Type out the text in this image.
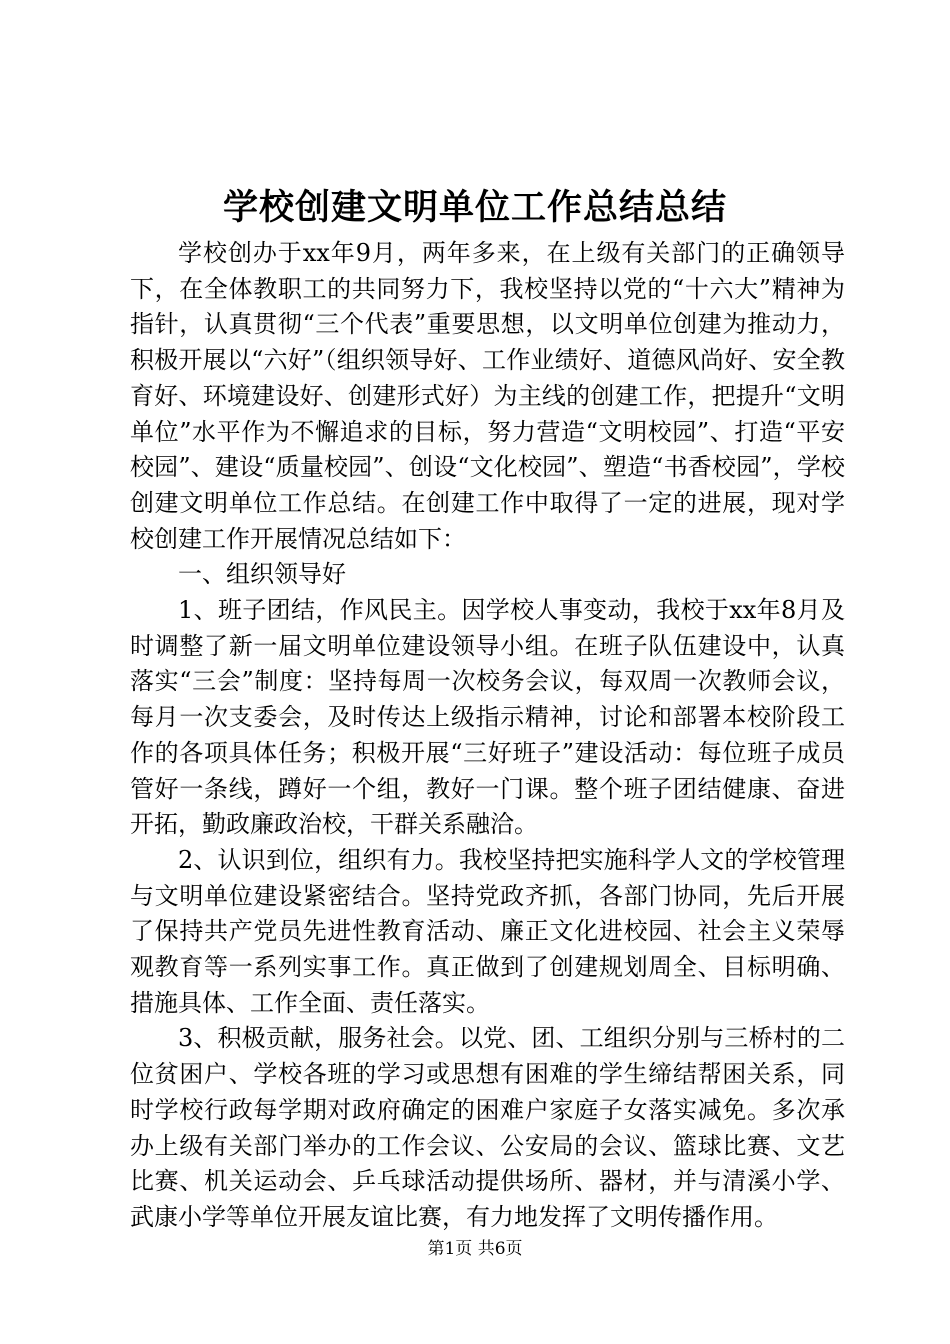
学校创建文明单位工作总结总结

学校创办于xx年9月，两年多来，在上级有关部门的正确领导下，在全体教职工的共同努力下，我校坚持以党的“十六大”精神为指针，认真贯彻“三个代表”重要思想，以文明单位创建为推动力，积极开展以“六好”（组织领导好、工作业绩好、道德风尚好、安全教育好、环境建设好、创建形式好）为主线的创建工作，把提升“文明单位”水平作为不懈追求的目标，努力营造“文明校园”、打造“平安校园”、建设“质量校园”、创设“文化校园”、塑造“书香校园”，学校创建文明单位工作总结。在创建工作中取得了一定的进展，现对学校创建工作开展情况总结如下：

一、组织领导好

1、班子团结，作风民主。因学校人事变动，我校于xx年8月及时调整了新一届文明单位建设领导小组。在班子队伍建设中，认真落实“三会”制度：坚持每周一次校务会议，每双周一次教师会议，每月一次支委会，及时传达上级指示精神，讨论和部署本校阶段工作的各项具体任务；积极开展“三好班子”建设活动：每位班子成员管好一条线，蹲好一个组，教好一门课。整个班子团结健康、奋进开拓，勤政廉政治校，干群关系融洽。

2、认识到位，组织有力。我校坚持把实施科学人文的学校管理与文明单位建设紧密结合。坚持党政齐抓，各部门协同，先后开展了保持共产党员先进性教育活动、廉正文化进校园、社会主义荣辱观教育等一系列实事工作。真正做到了创建规划周全、目标明确、措施具体、工作全面、责任落实。

3、积极贡献，服务社会。以党、团、工组织分别与三桥村的二位贫困户、学校各班的学习或思想有困难的学生缔结帮困关系，同时学校行政每学期对政府确定的困难户家庭子女落实减免。多次承办上级有关部门举办的工作会议、公安局的会议、篮球比赛、文艺比赛、机关运动会、乒乓球活动提供场所、器材，并与清溪小学、武康小学等单位开展友谊比赛，有力地发挥了文明传播作用。

第1页 共6页
